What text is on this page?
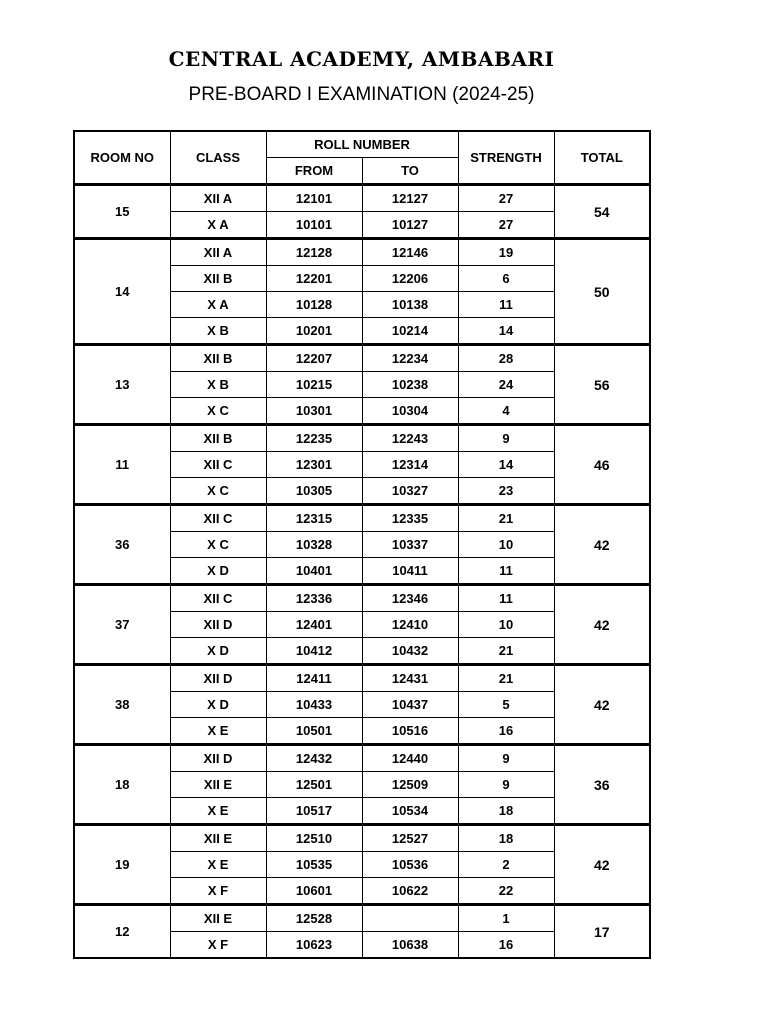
CENTRAL ACADEMY, AMBABARI
PRE-BOARD I EXAMINATION (2024-25)
ROOM NO	CLASS	ROLL NUMBER		STRENGTH	TOTAL
		FROM	TO		
15	XII A	12101	12127	27	54
	X A	10101	10127	27	
14	XII A	12128	12146	19	50
	XII B	12201	12206	6	
	X A	10128	10138	11	
	X B	10201	10214	14	
13	XII B	12207	12234	28	56
	X B	10215	10238	24	
	X C	10301	10304	4	
11	XII B	12235	12243	9	46
	XII C	12301	12314	14	
	X C	10305	10327	23	
36	XII C	12315	12335	21	42
	X C	10328	10337	10	
	X D	10401	10411	11	
37	XII C	12336	12346	11	42
	XII D	12401	12410	10	
	X D	10412	10432	21	
38	XII D	12411	12431	21	42
	X D	10433	10437	5	
	X E	10501	10516	16	
18	XII D	12432	12440	9	36
	XII E	12501	12509	9	
	X E	10517	10534	18	
19	XII E	12510	12527	18	42
	X E	10535	10536	2	
	X F	10601	10622	22	
12	XII E	12528		1	17
	X F	10623	10638	16	
